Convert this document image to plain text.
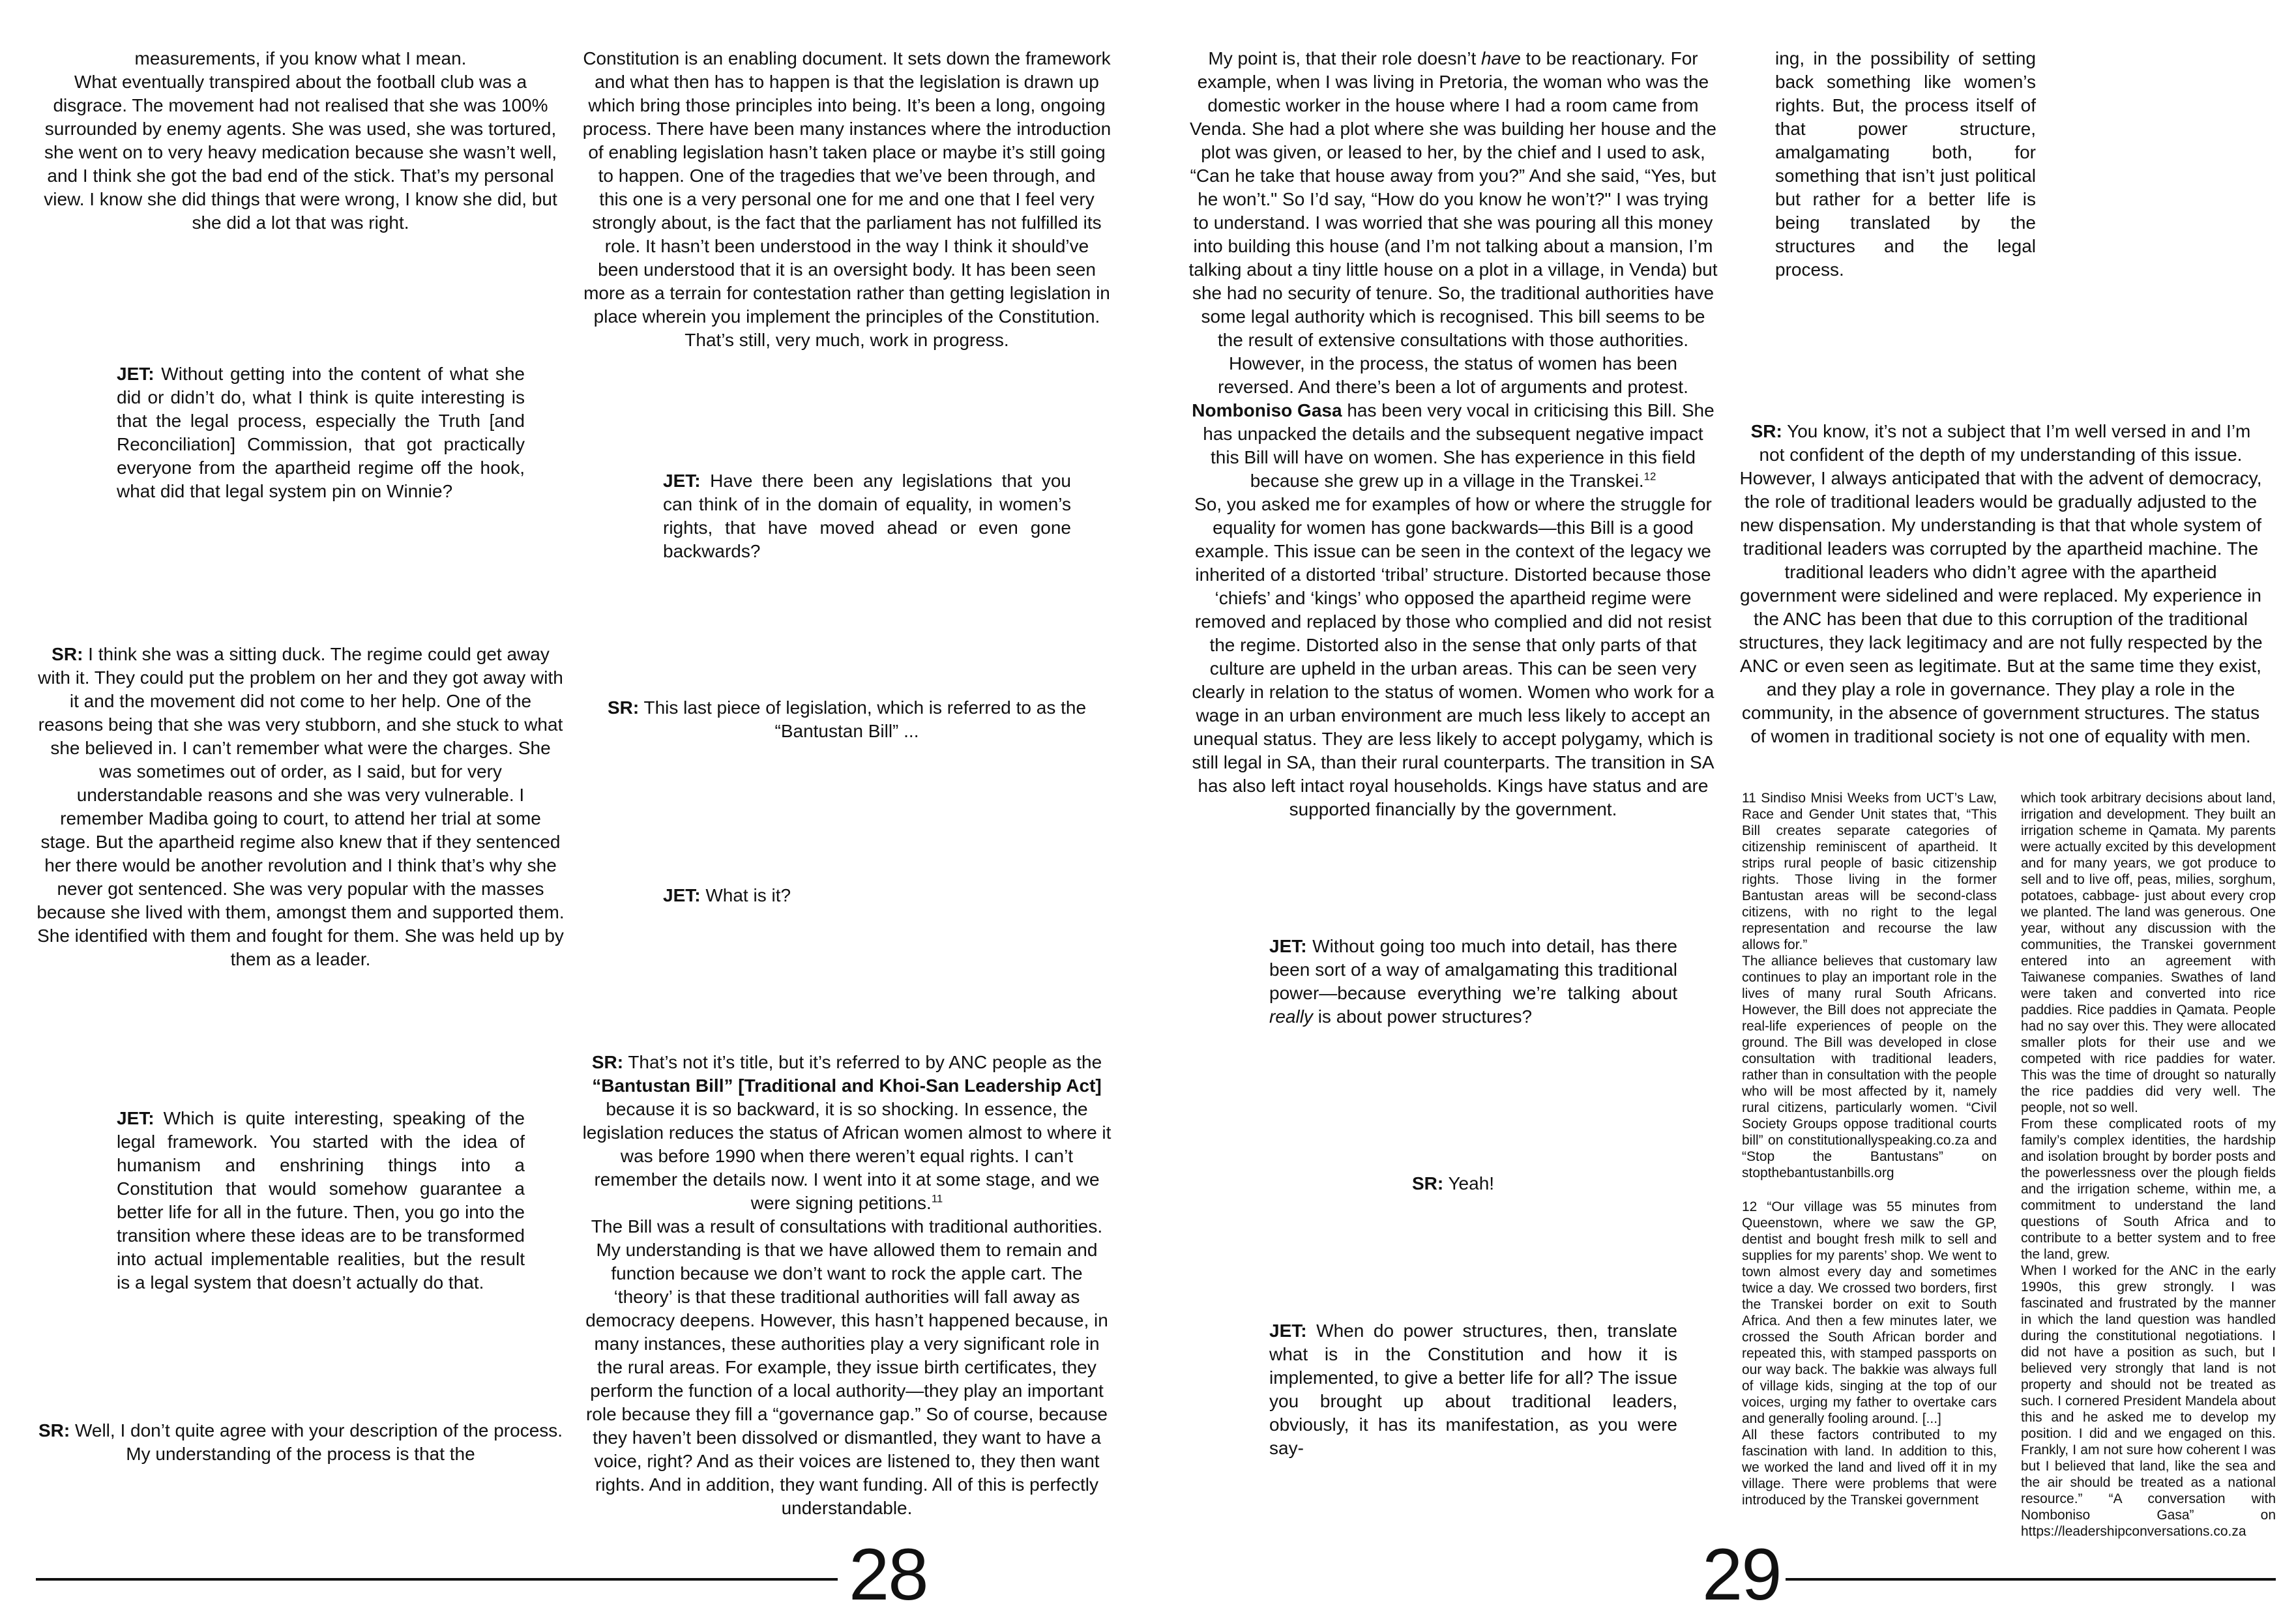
measurements, if you know what I mean.

What eventually transpired about the football club was a disgrace. The movement had not realised that she was 100% surrounded by enemy agents. She was used, she was tortured, she went on to very heavy medication because she wasn’t well, and I think she got the bad end of the stick. That’s my personal view. I know she did things that were wrong, I know she did, but she did a lot that was right.

JET: Without getting into the content of what she did or didn’t do, what I think is quite interesting is that the legal process, especially the Truth [and Reconciliation] Commission, that got practically everyone from the apartheid regime off the hook, what did that legal system pin on Winnie?

SR: I think she was a sitting duck. The regime could get away with it. They could put the problem on her and they got away with it and the movement did not come to her help. One of the reasons being that she was very stubborn, and she stuck to what she believed in. I can’t remember what were the charges. She was sometimes out of order, as I said, but for very understandable reasons and she was very vulnerable. I remember Madiba going to court, to attend her trial at some stage. But the apartheid regime also knew that if they sentenced her there would be another revolution and I think that’s why she never got sentenced. She was very popular with the masses because she lived with them, amongst them and supported them. She identified with them and fought for them. She was held up by them as a leader.

JET: Which is quite interesting, speaking of the legal framework. You started with the idea of humanism and enshrining things into a Constitution that would somehow guarantee a better life for all in the future. Then, you go into the transition where these ideas are to be transformed into actual implementable realities, but the result is a legal system that doesn’t actually do that.

SR: Well, I don’t quite agree with your description of the process. My understanding of the process is that the

Constitution is an enabling document. It sets down the framework and what then has to happen is that the legislation is drawn up which bring those principles into being. It’s been a long, ongoing process. There have been many instances where the introduction of enabling legislation hasn’t taken place or maybe it’s still going to happen. One of the tragedies that we’ve been through, and this one is a very personal one for me and one that I feel very strongly about, is the fact that the parliament has not fulfilled its role. It hasn’t been understood in the way I think it should’ve been understood that it is an oversight body. It has been seen more as a terrain for contestation rather than getting legislation in place wherein you implement the principles of the Constitution. That’s still, very much, work in progress.

JET: Have there been any legislations that you can think of in the domain of equality, in women’s rights, that have moved ahead or even gone backwards?

SR: This last piece of legislation, which is referred to as the “Bantustan Bill” ...

JET: What is it?

SR: That’s not it’s title, but it’s referred to by ANC people as the “Bantustan Bill” [Traditional and Khoi-San Leadership Act] because it is so backward, it is so shocking. In essence, the legislation reduces the status of African women almost to where it was before 1990 when there weren’t equal rights. I can’t remember the details now. I went into it at some stage, and we were signing petitions.$^{11}$

The Bill was a result of consultations with traditional authorities. My understanding is that we have allowed them to remain and function because we don’t want to rock the apple cart. The ‘theory’ is that these traditional authorities will fall away as democracy deepens. However, this hasn’t happened because, in many instances, these authorities play a very significant role in the rural areas. For example, they issue birth certificates, they perform the function of a local authority—they play an important role because they fill a “governance gap.” So of course, because they haven’t been dissolved or dismantled, they want to have a voice, right? And as their voices are listened to, they then want rights. And in addition, they want funding. All of this is perfectly understandable.

28

My point is, that their role doesn’t have to be reactionary. For example, when I was living in Pretoria, the woman who was the domestic worker in the house where I had a room came from Venda. She had a plot where she was building her house and the plot was given, or leased to her, by the chief and I used to ask, “Can he take that house away from you?” And she said, “Yes, but he won’t." So I’d say, “How do you know he won’t?" I was trying to understand. I was worried that she was pouring all this money into building this house (and I’m not talking about a mansion, I’m talking about a tiny little house on a plot in a village, in Venda) but she had no security of tenure. So, the traditional authorities have some legal authority which is recognised. This bill seems to be the result of extensive consultations with those authorities.

However, in the process, the status of women has been reversed. And there’s been a lot of arguments and protest. Nomboniso Gasa has been very vocal in criticising this Bill. She has unpacked the details and the subsequent negative impact this Bill will have on women. She has experience in this field because she grew up in a village in the Transkei.$^{12}$

So, you asked me for examples of how or where the struggle for equality for women has gone backwards—this Bill is a good example. This issue can be seen in the context of the legacy we inherited of a distorted ‘tribal’ structure. Distorted because those ‘chiefs’ and ‘kings’ who opposed the apartheid regime were removed and replaced by those who complied and did not resist the regime. Distorted also in the sense that only parts of that culture are upheld in the urban areas. This can be seen very clearly in relation to the status of women. Women who work for a wage in an urban environment are much less likely to accept an unequal status. They are less likely to accept polygamy, which is still legal in SA, than their rural counterparts. The transition in SA has also left intact royal households. Kings have status and are supported financially by the government.

JET: Without going too much into detail, has there been sort of a way of amalgamating this traditional power—because everything we’re talking about really is about power structures?

SR: Yeah!

JET: When do power structures, then, translate what is in the Constitution and how it is implemented, to give a better life for all? The issue you brought up about traditional leaders, obviously, it has its manifestation, as you were say-

ing, in the possibility of setting back something like women’s rights. But, the process itself of that power structure, amalgamating both, for something that isn’t just political but rather for a better life is being translated by the structures and the legal process.

SR: You know, it’s not a subject that I’m well versed in and I’m not confident of the depth of my understanding of this issue. However, I always anticipated that with the advent of democracy, the role of traditional leaders would be gradually adjusted to the new dispensation. My understanding is that that whole system of traditional leaders was corrupted by the apartheid machine. The traditional leaders who didn’t agree with the apartheid government were sidelined and were replaced. My experience in the ANC has been that due to this corruption of the traditional structures, they lack legitimacy and are not fully respected by the ANC or even seen as legitimate. But at the same time they exist, and they play a role in governance. They play a role in the community, in the absence of government structures. The status of women in traditional society is not one of equality with men.

11 Sindiso Mnisi Weeks from UCT’s Law, Race and Gender Unit states that, “This Bill creates separate categories of citizenship reminiscent of apartheid. It strips rural people of basic citizenship rights. Those living in the former Bantustan areas will be second-class citizens, with no right to the legal representation and recourse the law allows for.”

The alliance believes that customary law continues to play an important role in the lives of many rural South Africans. However, the Bill does not appreciate the real-life experiences of people on the ground. The Bill was developed in close consultation with traditional leaders, rather than in consultation with the people who will be most affected by it, namely rural citizens, particularly women. “Civil Society Groups oppose traditional courts bill” on constitutionallyspeaking.co.za and “Stop the Bantustans” on stopthebantustanbills.org

12 “Our village was 55 minutes from Queenstown, where we saw the GP, dentist and bought fresh milk to sell and supplies for my parents’ shop. We went to town almost every day and sometimes twice a day. We crossed two borders, first the Transkei border on exit to South Africa. And then a few minutes later, we crossed the South African border and repeated this, with stamped passports on our way back. The bakkie was always full of village kids, singing at the top of our voices, urging my father to overtake cars and generally fooling around. [...]

All these factors contributed to my fascination with land. In addition to this, we worked the land and lived off it in my village. There were problems that were introduced by the Transkei government

which took arbitrary decisions about land, irrigation and development. They built an irrigation scheme in Qamata. My parents were actually excited by this development and for many years, we got produce to sell and to live off, peas, milies, sorghum, potatoes, cabbage- just about every crop we planted. The land was generous. One year, without any discussion with the communities, the Transkei government entered into an agreement with Taiwanese companies. Swathes of land were taken and converted into rice paddies. Rice paddies in Qamata. People had no say over this. They were allocated smaller plots for their use and we competed with rice paddies for water. This was the time of drought so naturally the rice paddies did very well. The people, not so well.

From these complicated roots of my family’s complex identities, the hardship and isolation brought by border posts and the powerlessness over the plough fields and the irrigation scheme, within me, a commitment to understand the land questions of South Africa and to contribute to a better system and to free the land, grew.

When I worked for the ANC in the early 1990s, this grew strongly. I was fascinated and frustrated by the manner in which the land question was handled during the constitutional negotiations. I did not have a position as such, but I believed very strongly that land is not property and should not be treated as such. I cornered President Mandela about this and he asked me to develop my position. I did and we engaged on this. Frankly, I am not sure how coherent I was but I believed that land, like the sea and the air should be treated as a national resource.” “A conversation with Nomboniso Gasa” on https://leadershipconversations.co.za

29
